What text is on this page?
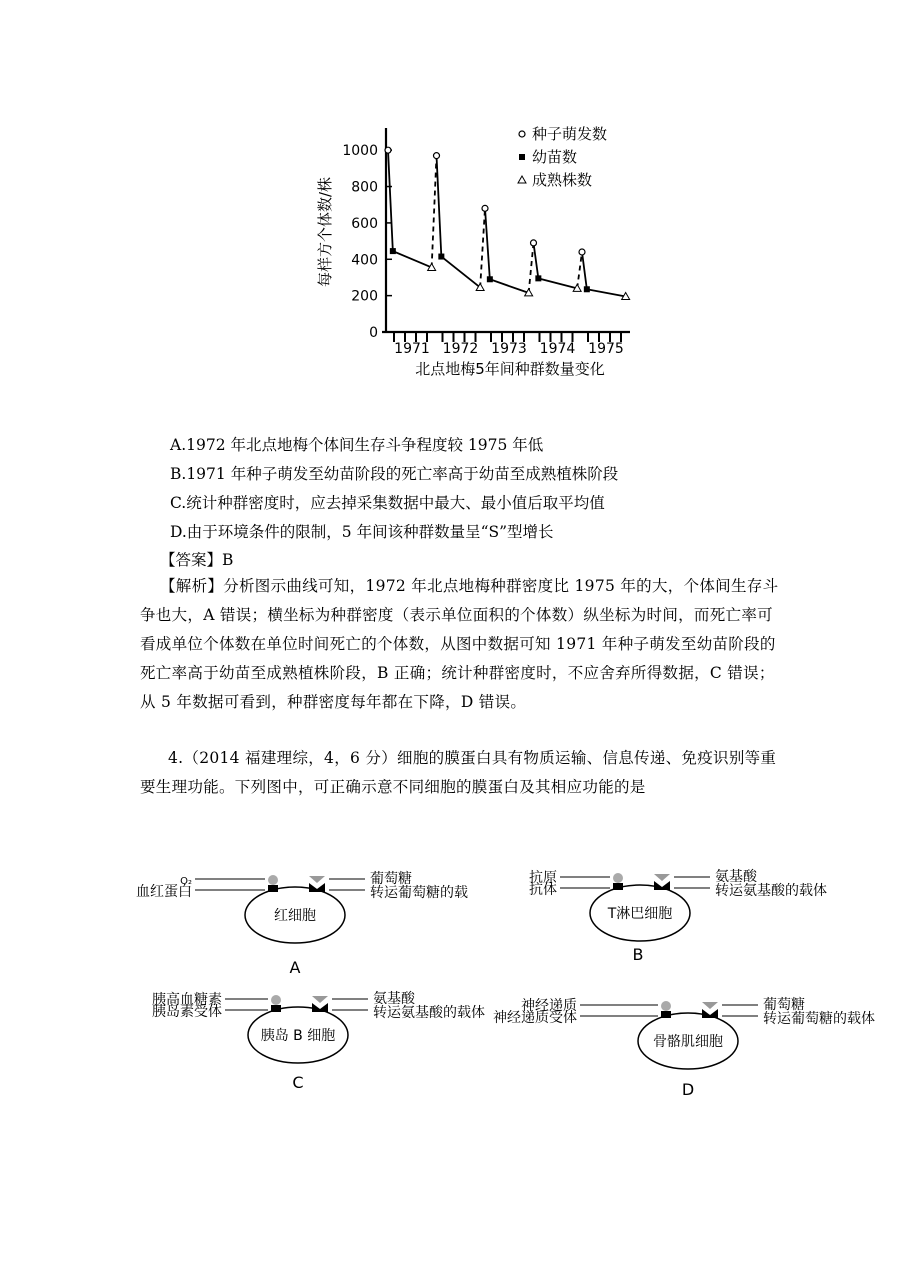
0
200
400
600
800
1000
每样方个体数/株
1971 1972 1973 1974 1975
北点地梅5年间种群数量变化
种子萌发数
幼苗数
成熟株数
A.1972 年北点地梅个体间生存斗争程度较 1975 年低
B.1971 年种子萌发至幼苗阶段的死亡率高于幼苗至成熟植株阶段
C.统计种群密度时，应去掉采集数据中最大、最小值后取平均值
D.由于环境条件的限制，5 年间该种群数量呈“S”型增长
【答案】B
【解析】分析图示曲线可知，1972 年北点地梅种群密度比 1975 年的大，个体间生存斗争也大，A 错误；横坐标为种群密度（表示单位面积的个体数）纵坐标为时间，而死亡率可看成单位个体数在单位时间死亡的个体数，从图中数据可知 1971 年种子萌发至幼苗阶段的死亡率高于幼苗至成熟植株阶段，B 正确；统计种群密度时，不应舍弃所得数据，C 错误；从 5 年数据可看到，种群密度每年都在下降，D 错误。
4.（2014 福建理综，4，6 分）细胞的膜蛋白具有物质运输、信息传递、免疫识别等重要生理功能。下列图中，可正确示意不同细胞的膜蛋白及其相应功能的是
红细胞
O₂
血红蛋白
葡萄糖
转运葡萄糖的载
A
T淋巴细胞
抗原
抗体
氨基酸
转运氨基酸的载体
B
胰岛 B 细胞
胰高血糖素
胰岛素受体
氨基酸
转运氨基酸的载体
C
骨骼肌细胞
神经递质
神经递质受体
葡萄糖
转运葡萄糖的载体
D
